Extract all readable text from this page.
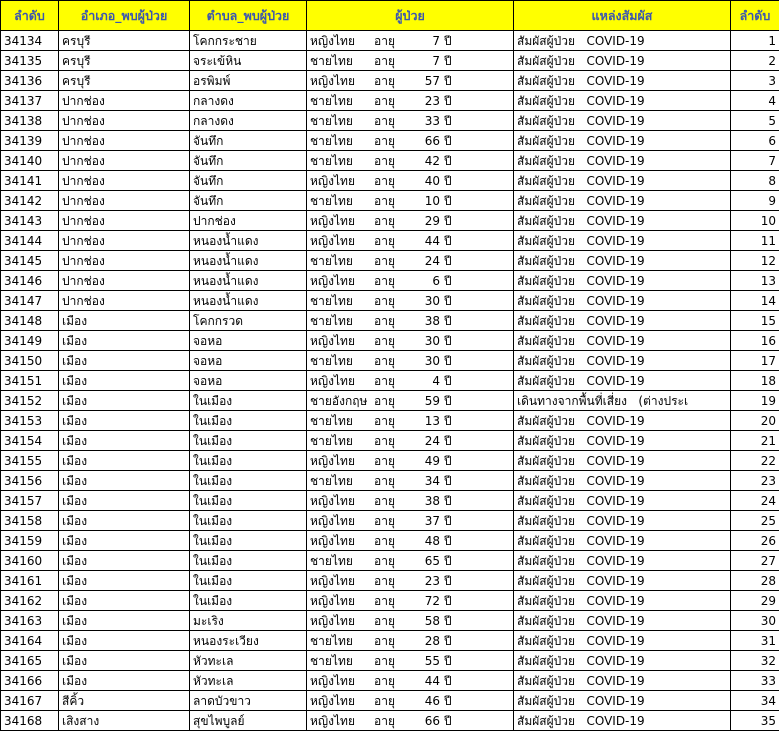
ลำดับ	อำเภอ_พบผู้ป่วย	ตำบล_พบผู้ป่วย	ผู้ป่วย	แหล่งสัมผัส	ลำดับ
34134	ครบุรี	โคกกระชาย	หญิงไทย อายุ 7 ปี	สัมผัสผู้ป่วย   COVID-19	1
34135	ครบุรี	จระเข้หิน	ชายไทย อายุ 7 ปี	สัมผัสผู้ป่วย   COVID-19	2
34136	ครบุรี	อรพิมพ์	หญิงไทย อายุ 57 ปี	สัมผัสผู้ป่วย   COVID-19	3
34137	ปากช่อง	กลางดง	ชายไทย อายุ 23 ปี	สัมผัสผู้ป่วย   COVID-19	4
34138	ปากช่อง	กลางดง	ชายไทย อายุ 33 ปี	สัมผัสผู้ป่วย   COVID-19	5
34139	ปากช่อง	จันทึก	ชายไทย อายุ 66 ปี	สัมผัสผู้ป่วย   COVID-19	6
34140	ปากช่อง	จันทึก	ชายไทย อายุ 42 ปี	สัมผัสผู้ป่วย   COVID-19	7
34141	ปากช่อง	จันทึก	หญิงไทย อายุ 40 ปี	สัมผัสผู้ป่วย   COVID-19	8
34142	ปากช่อง	จันทึก	ชายไทย อายุ 10 ปี	สัมผัสผู้ป่วย   COVID-19	9
34143	ปากช่อง	ปากช่อง	หญิงไทย อายุ 29 ปี	สัมผัสผู้ป่วย   COVID-19	10
34144	ปากช่อง	หนองน้ำแดง	หญิงไทย อายุ 44 ปี	สัมผัสผู้ป่วย   COVID-19	11
34145	ปากช่อง	หนองน้ำแดง	ชายไทย อายุ 24 ปี	สัมผัสผู้ป่วย   COVID-19	12
34146	ปากช่อง	หนองน้ำแดง	หญิงไทย อายุ 6 ปี	สัมผัสผู้ป่วย   COVID-19	13
34147	ปากช่อง	หนองน้ำแดง	ชายไทย อายุ 30 ปี	สัมผัสผู้ป่วย   COVID-19	14
34148	เมือง	โคกกรวด	ชายไทย อายุ 38 ปี	สัมผัสผู้ป่วย   COVID-19	15
34149	เมือง	จอหอ	หญิงไทย อายุ 30 ปี	สัมผัสผู้ป่วย   COVID-19	16
34150	เมือง	จอหอ	ชายไทย อายุ 30 ปี	สัมผัสผู้ป่วย   COVID-19	17
34151	เมือง	จอหอ	หญิงไทย อายุ 4 ปี	สัมผัสผู้ป่วย   COVID-19	18
34152	เมือง	ในเมือง	ชายอังกฤษ อายุ 59 ปี	เดินทางจากพื้นที่เสี่ยง   (ต่างประเ	19
34153	เมือง	ในเมือง	ชายไทย อายุ 13 ปี	สัมผัสผู้ป่วย   COVID-19	20
34154	เมือง	ในเมือง	ชายไทย อายุ 24 ปี	สัมผัสผู้ป่วย   COVID-19	21
34155	เมือง	ในเมือง	หญิงไทย อายุ 49 ปี	สัมผัสผู้ป่วย   COVID-19	22
34156	เมือง	ในเมือง	ชายไทย อายุ 34 ปี	สัมผัสผู้ป่วย   COVID-19	23
34157	เมือง	ในเมือง	หญิงไทย อายุ 38 ปี	สัมผัสผู้ป่วย   COVID-19	24
34158	เมือง	ในเมือง	หญิงไทย อายุ 37 ปี	สัมผัสผู้ป่วย   COVID-19	25
34159	เมือง	ในเมือง	หญิงไทย อายุ 48 ปี	สัมผัสผู้ป่วย   COVID-19	26
34160	เมือง	ในเมือง	ชายไทย อายุ 65 ปี	สัมผัสผู้ป่วย   COVID-19	27
34161	เมือง	ในเมือง	หญิงไทย อายุ 23 ปี	สัมผัสผู้ป่วย   COVID-19	28
34162	เมือง	ในเมือง	หญิงไทย อายุ 72 ปี	สัมผัสผู้ป่วย   COVID-19	29
34163	เมือง	มะเริง	หญิงไทย อายุ 58 ปี	สัมผัสผู้ป่วย   COVID-19	30
34164	เมือง	หนองระเวียง	ชายไทย อายุ 28 ปี	สัมผัสผู้ป่วย   COVID-19	31
34165	เมือง	หัวทะเล	ชายไทย อายุ 55 ปี	สัมผัสผู้ป่วย   COVID-19	32
34166	เมือง	หัวทะเล	หญิงไทย อายุ 44 ปี	สัมผัสผู้ป่วย   COVID-19	33
34167	สีคิ้ว	ลาดบัวขาว	หญิงไทย อายุ 46 ปี	สัมผัสผู้ป่วย   COVID-19	34
34168	เสิงสาง	สุขไพบูลย์	หญิงไทย อายุ 66 ปี	สัมผัสผู้ป่วย   COVID-19	35
